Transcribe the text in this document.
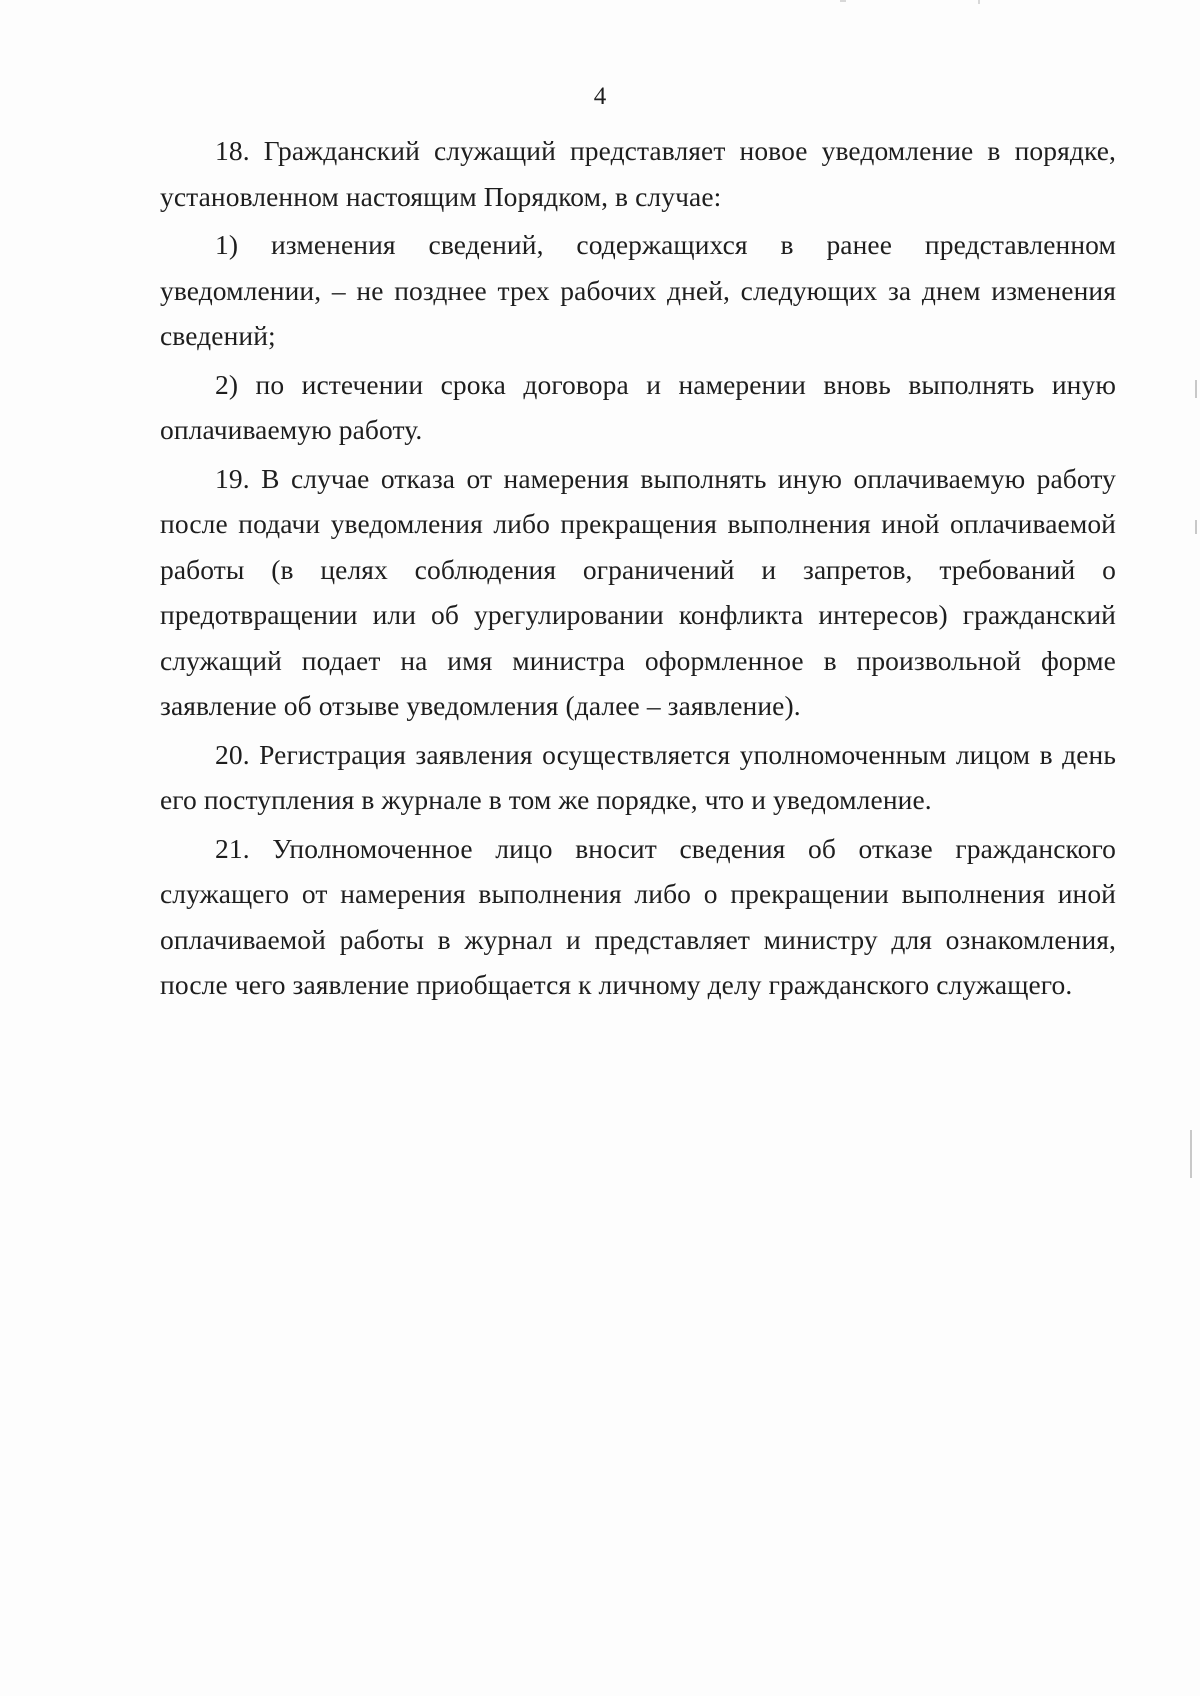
4

18. Гражданский служащий представляет новое уведомление в порядке, установленном настоящим Порядком, в случае:

1) изменения сведений, содержащихся в ранее представленном уведомлении, – не позднее трех рабочих дней, следующих за днем изменения сведений;

2) по истечении срока договора и намерении вновь выполнять иную оплачиваемую работу.

19. В случае отказа от намерения выполнять иную оплачиваемую работу после подачи уведомления либо прекращения выполнения иной оплачиваемой работы (в целях соблюдения ограничений и запретов, требований о предотвращении или об урегулировании конфликта интересов) гражданский служащий подает на имя министра оформленное в произвольной форме заявление об отзыве уведомления (далее – заявление).

20. Регистрация заявления осуществляется уполномоченным лицом в день его поступления в журнале в том же порядке, что и уведомление.

21. Уполномоченное лицо вносит сведения об отказе гражданского служащего от намерения выполнения либо о прекращении выполнения иной оплачиваемой работы в журнал и представляет министру для ознакомления, после чего заявление приобщается к личному делу гражданского служащего.
